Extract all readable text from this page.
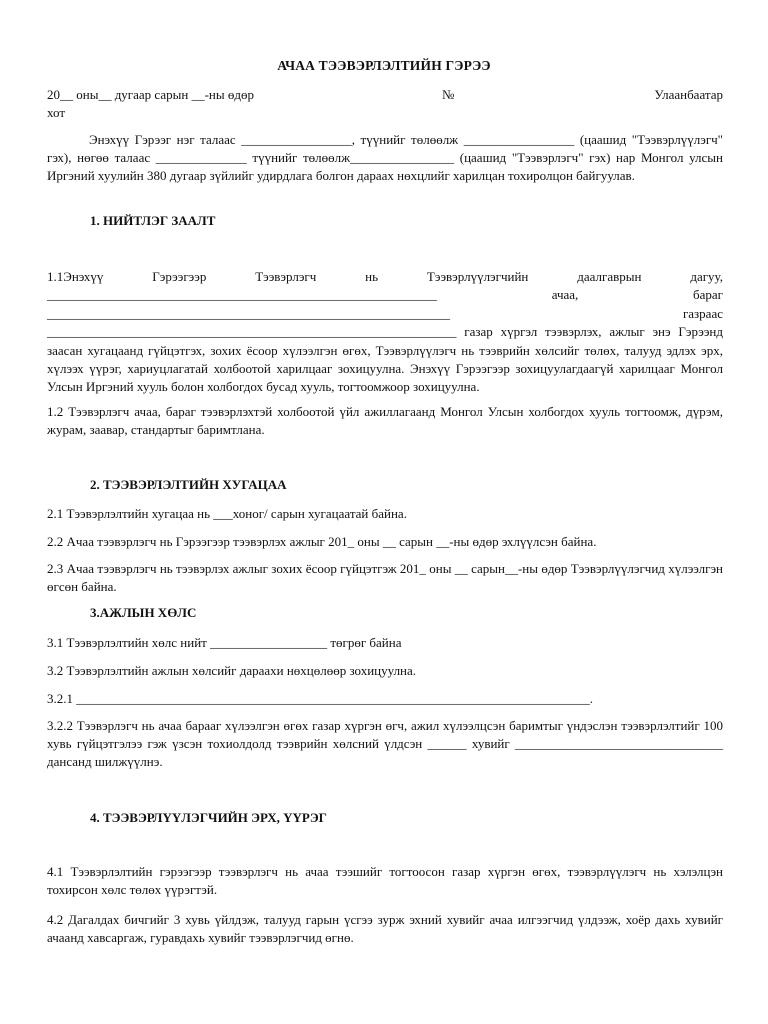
АЧАА ТЭЭВЭРЛЭЛТИЙН ГЭРЭЭ
20__ оны__ дугаар сарын __-ны өдөр	№	Улаанбаатар
хот
Энэхүү Гэрээг нэг талаас _________________, түүнийг төлөөлж _________________ (цаашид "Тээвэрлүүлэгч" гэх), нөгөө талаас ______________ түүнийг төлөөлж________________ (цаашид "Тээвэрлэгч" гэх) нар Монгол улсын Иргэний хуулийн 380 дугаар зүйлийг удирдлага болгон дараах нөхцлийг харилцан тохиролцон байгуулав.
1. НИЙТЛЭГ ЗААЛТ
1.1Энэхүү Гэрээгээр Тээвэрлэгч нь Тээвэрлүүлэгчийн даалгаврын дагуу, ____________________________________________________________ ачаа, бараг ______________________________________________________________ газраас _______________________________________________________________ газар хүргэл тээвэрлэх, ажлыг энэ Гэрээнд заасан хугацаанд гүйцэтгэх, зохих ёсоор хүлээлгэн өгөх, Тээвэрлүүлэгч нь тээврийн хөлсийг төлөх, талууд эдлэх эрх, хүлээх үүрэг, хариуцлагатай холбоотой харилцааг зохицуулна. Энэхүү Гэрээгээр зохицуулагдаагүй харилцааг Монгол Улсын Иргэний хууль болон холбогдох бусад хууль, тогтоомжоор зохицуулна.
1.2 Тээвэрлэгч ачаа, бараг тээвэрлэхтэй холбоотой үйл ажиллагаанд Монгол Улсын холбогдох хууль тогтоомж, дүрэм, журам, заавар, стандартыг баримтлана.
2. ТЭЭВЭРЛЭЛТИЙН ХУГАЦАА
2.1 Тээвэрлэлтийн хугацаа нь ___хоног/ сарын хугацаатай байна.
2.2 Ачаа тээвэрлэгч нь Гэрээгээр тээвэрлэх ажлыг 201_ оны __ сарын __-ны өдөр эхлүүлсэн байна.
2.3 Ачаа тээвэрлэгч нь тээвэрлэх ажлыг зохих ёсоор гүйцэтгэж 201_ оны __ сарын__-ны өдөр Тээвэрлүүлэгчид хүлээлгэн өгсөн байна.
3.АЖЛЫН ХӨЛС
3.1 Тээвэрлэлтийн хөлс нийт __________________ төгрөг байна
3.2 Тээвэрлэлтийн ажлын хөлсийг дараахи нөхцөлөөр зохицуулна.
3.2.1 _______________________________________________________________________________.
3.2.2 Тээвэрлэгч нь ачаа барааг хүлээлгэн өгөх газар хүргэн өгч, ажил хүлээлцсэн баримтыг үндэслэн тээвэрлэлтийг 100 хувь гүйцэтгэлээ гэж үзсэн тохиолдолд тээврийн хөлсний үлдсэн ______ хувийг ________________________________ дансанд шилжүүлнэ.
4. ТЭЭВЭРЛҮҮЛЭГЧИЙН ЭРХ, ҮҮРЭГ
4.1 Тээвэрлэлтийн гэрээгээр тээвэрлэгч нь ачаа тээшийг тогтоосон газар хүргэн өгөх, тээвэрлүүлэгч нь хэлэлцэн тохирсон хөлс төлөх үүрэгтэй.
4.2 Дагалдах бичгийг 3 хувь үйлдэж, талууд гарын үсгээ зурж эхний хувийг ачаа илгээгчид үлдээж, хоёр дахь хувийг ачаанд хавсаргаж, гуравдахь хувийг тээвэрлэгчид өгнө.
